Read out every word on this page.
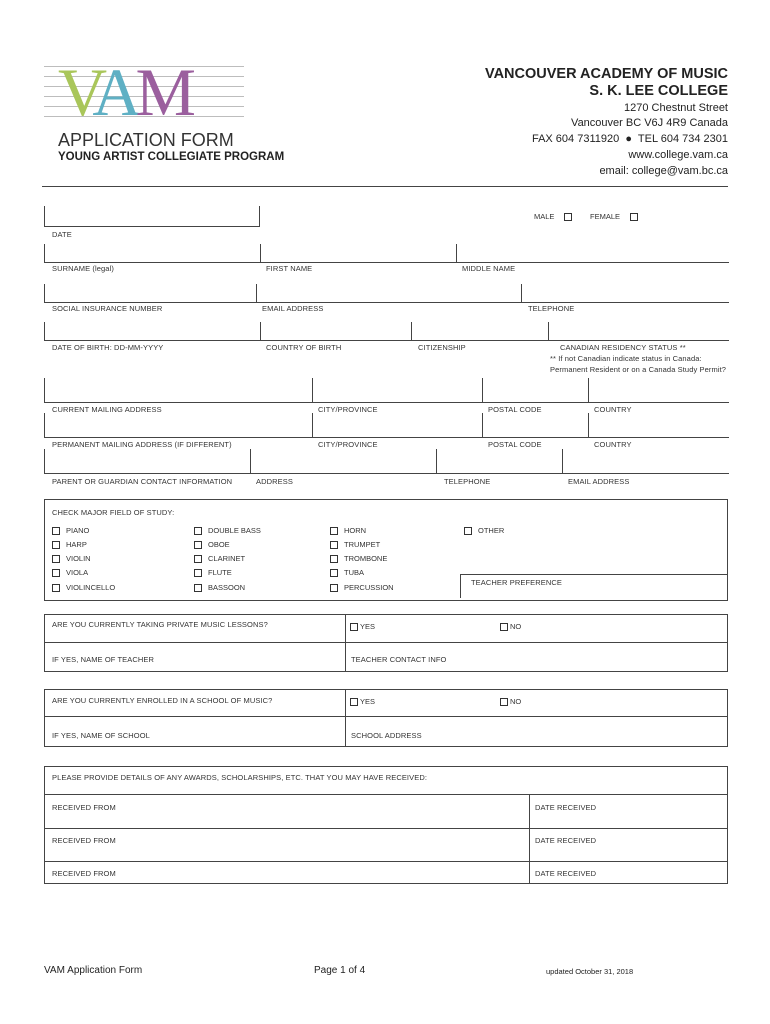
VAM
APPLICATION FORM
YOUNG ARTIST COLLEGIATE PROGRAM
VANCOUVER ACADEMY OF MUSIC
S. K. LEE COLLEGE
1270 Chestnut Street
Vancouver BC V6J 4R9 Canada
FAX 604 7311920  ●  TEL 604 734 2301
www.college.vam.ca
email: college@vam.bc.ca
DATE
MALE	FEMALE
SURNAME (legal)	FIRST NAME	MIDDLE NAME
SOCIAL INSURANCE NUMBER	EMAIL ADDRESS	TELEPHONE
DATE OF BIRTH: DD-MM-YYYY	COUNTRY OF BIRTH	CITIZENSHIP	CANADIAN RESIDENCY STATUS **
** If not Canadian indicate status in Canada:
Permanent Resident or on a Canada Study Permit?
CURRENT MAILING ADDRESS	CITY/PROVINCE	POSTAL CODE	COUNTRY
PERMANENT MAILING ADDRESS (IF DIFFERENT)	CITY/PROVINCE	POSTAL CODE	COUNTRY
PARENT OR GUARDIAN CONTACT INFORMATION	ADDRESS	TELEPHONE	EMAIL ADDRESS
CHECK MAJOR FIELD OF STUDY:
PIANO
HARP
VIOLIN
VIOLA
VIOLINCELLO
DOUBLE BASS
OBOE
CLARINET
FLUTE
BASSOON
HORN
TRUMPET
TROMBONE
TUBA
PERCUSSION
OTHER
TEACHER PREFERENCE
ARE YOU CURRENTLY TAKING PRIVATE MUSIC LESSONS?	YES	NO
IF YES, NAME OF TEACHER	TEACHER CONTACT INFO
ARE YOU CURRENTLY ENROLLED IN A SCHOOL OF MUSIC?	YES	NO
IF YES, NAME OF SCHOOL	SCHOOL ADDRESS
PLEASE PROVIDE DETAILS OF ANY AWARDS, SCHOLARSHIPS, ETC. THAT YOU MAY HAVE RECEIVED:
RECEIVED FROM	DATE RECEIVED
RECEIVED FROM	DATE RECEIVED
RECEIVED FROM	DATE RECEIVED
VAM Application Form	Page 1 of 4	updated October 31, 2018
